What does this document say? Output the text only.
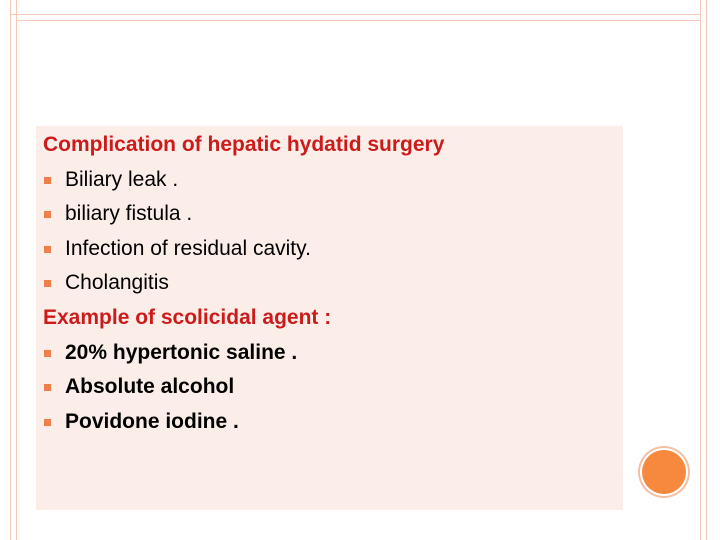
Complication of hepatic hydatid surgery
Biliary leak .
biliary fistula .
Infection of residual cavity.
Cholangitis
Example of scolicidal agent :
20% hypertonic saline .
Absolute alcohol
Povidone iodine .
